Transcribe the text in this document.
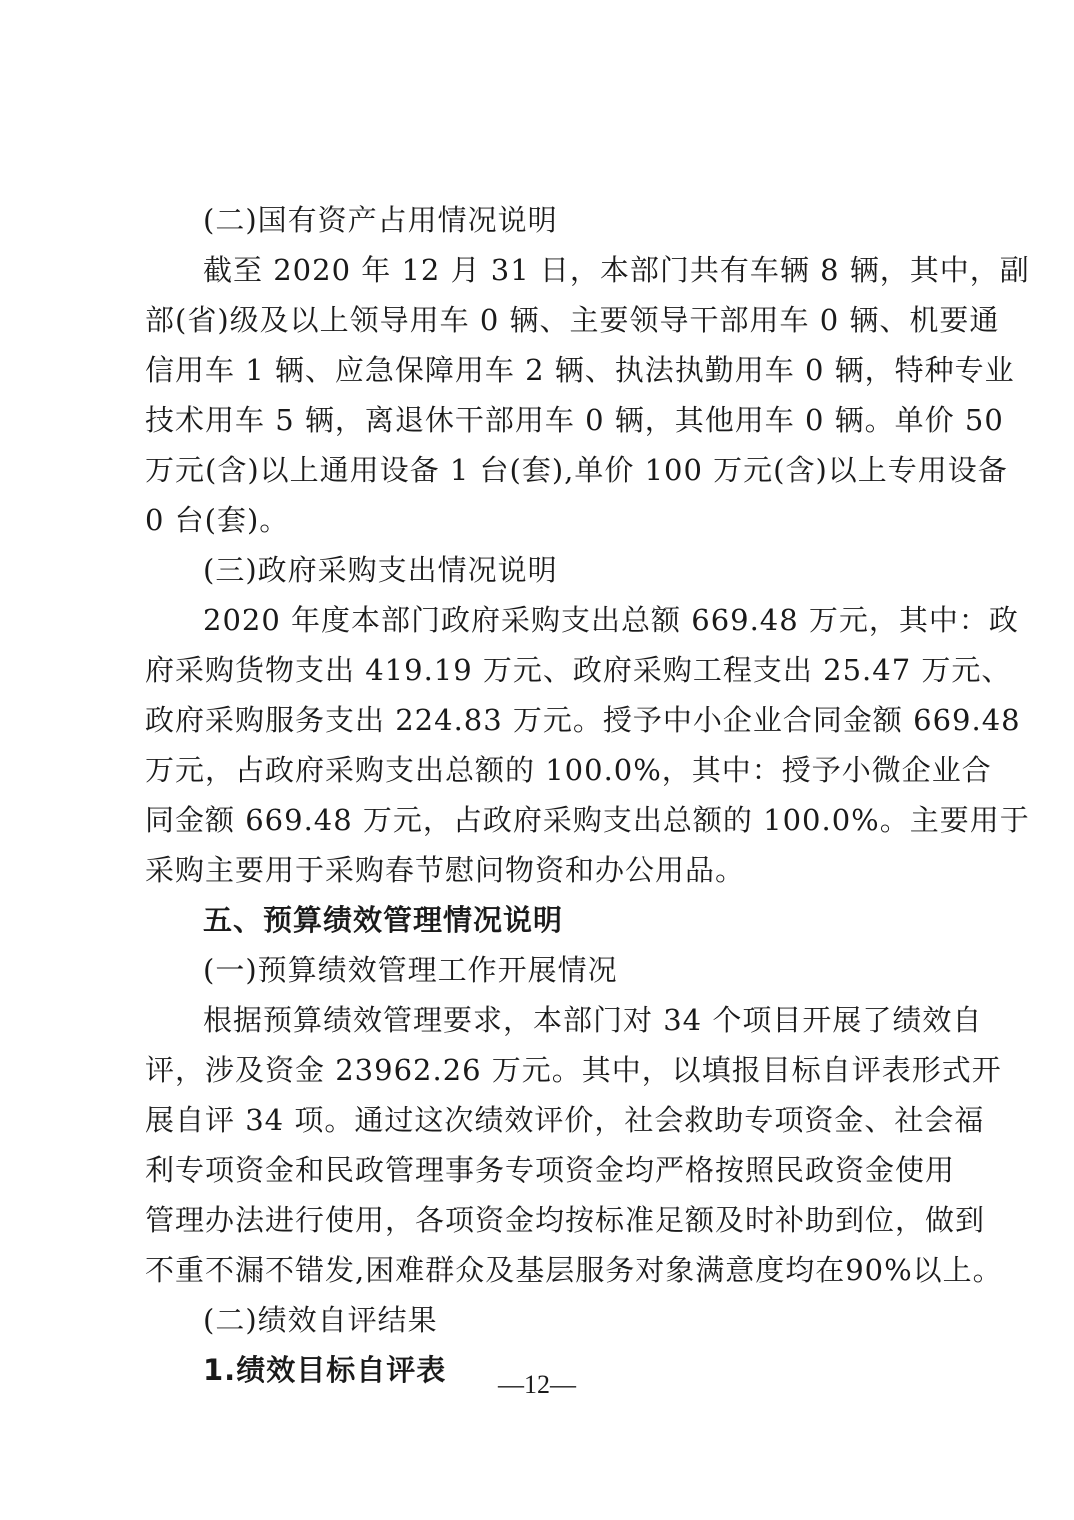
(二)国有资产占用情况说明
截至 2020 年 12 月 31 日，本部门共有车辆 8 辆，其中，副
部(省)级及以上领导用车 0 辆、主要领导干部用车 0 辆、机要通
信用车 1 辆、应急保障用车 2 辆、执法执勤用车 0 辆，特种专业
技术用车 5 辆，离退休干部用车 0 辆，其他用车 0 辆。单价 50
万元(含)以上通用设备 1 台(套),单价 100 万元(含)以上专用设备
0 台(套)。
(三)政府采购支出情况说明
2020 年度本部门政府采购支出总额 669.48 万元，其中：政
府采购货物支出 419.19 万元、政府采购工程支出 25.47 万元、
政府采购服务支出 224.83 万元。授予中小企业合同金额 669.48
万元，占政府采购支出总额的 100.0%，其中：授予小微企业合
同金额 669.48 万元，占政府采购支出总额的 100.0%。主要用于
采购主要用于采购春节慰问物资和办公用品。
五、预算绩效管理情况说明
(一)预算绩效管理工作开展情况
根据预算绩效管理要求，本部门对 34 个项目开展了绩效自
评，涉及资金 23962.26 万元。其中，以填报目标自评表形式开
展自评 34 项。通过这次绩效评价，社会救助专项资金、社会福
利专项资金和民政管理事务专项资金均严格按照民政资金使用
管理办法进行使用，各项资金均按标准足额及时补助到位，做到
不重不漏不错发,困难群众及基层服务对象满意度均在90%以上。
(二)绩效自评结果
1.绩效目标自评表	—12—
